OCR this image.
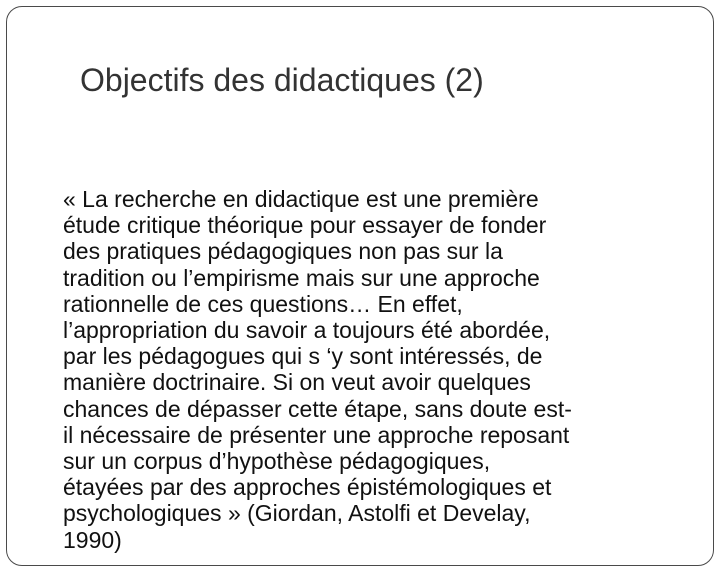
Objectifs des didactiques (2)
« La recherche en didactique est une première
étude critique théorique pour essayer de fonder
des pratiques pédagogiques non pas sur la
tradition ou l’empirisme mais sur une approche
rationnelle de ces questions… En effet,
l’appropriation du savoir a toujours été abordée,
par les pédagogues qui s ‘y sont intéressés, de
manière doctrinaire. Si on veut avoir quelques
chances de dépasser cette étape, sans doute est-
il nécessaire de présenter une approche reposant
sur un corpus d’hypothèse pédagogiques,
étayées par des approches épistémologiques et
psychologiques » (Giordan, Astolfi et Develay,
1990)
